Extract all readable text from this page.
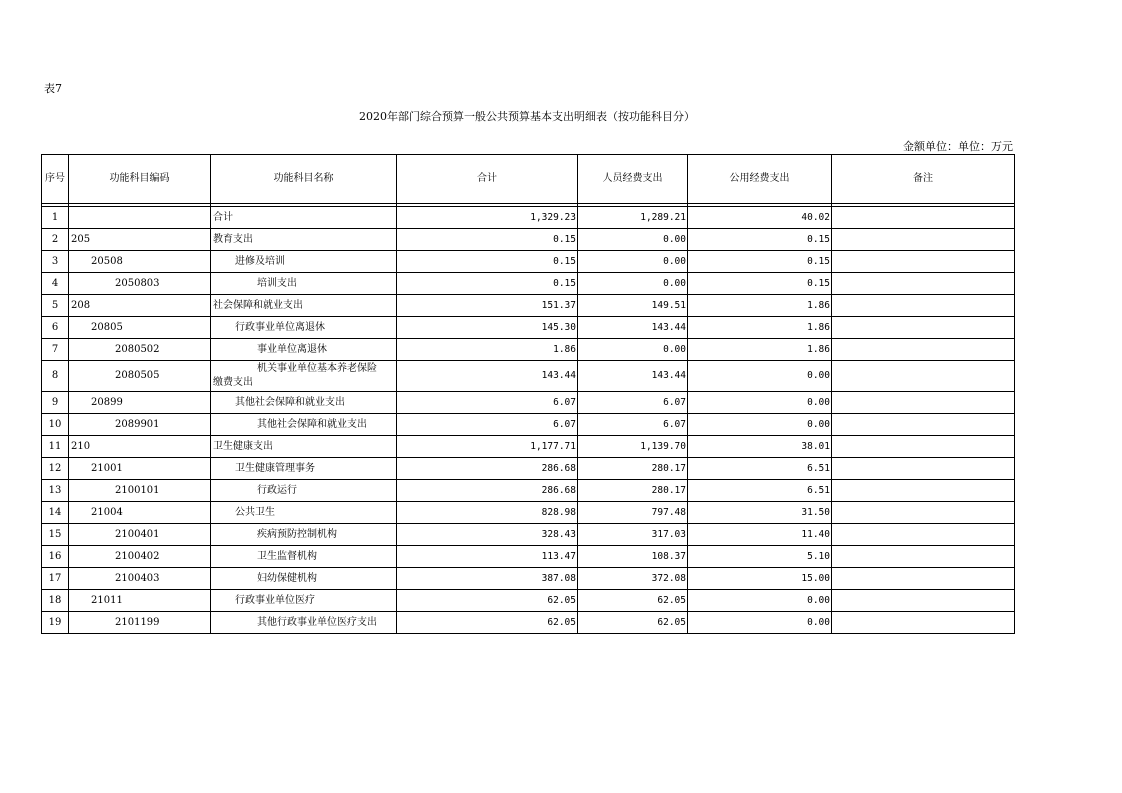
表7
2020年部门综合预算一般公共预算基本支出明细表（按功能科目分）
金额单位：单位：万元
序号	功能科目编码	功能科目名称	合计	人员经费支出	公用经费支出	备注

1		合计	1,329.23	1,289.21	40.02	
2	205	教育支出	0.15	0.00	0.15	
3	20508	进修及培训	0.15	0.00	0.15	
4	2050803	培训支出	0.15	0.00	0.15	
5	208	社会保障和就业支出	151.37	149.51	1.86	
6	20805	行政事业单位离退休	145.30	143.44	1.86	
7	2080502	事业单位离退休	1.86	0.00	1.86	
8	2080505	机关事业单位基本养老保险
缴费支出	143.44	143.44	0.00	
9	20899	其他社会保障和就业支出	6.07	6.07	0.00	
10	2089901	其他社会保障和就业支出	6.07	6.07	0.00	
11	210	卫生健康支出	1,177.71	1,139.70	38.01	
12	21001	卫生健康管理事务	286.68	280.17	6.51	
13	2100101	行政运行	286.68	280.17	6.51	
14	21004	公共卫生	828.98	797.48	31.50	
15	2100401	疾病预防控制机构	328.43	317.03	11.40	
16	2100402	卫生监督机构	113.47	108.37	5.10	
17	2100403	妇幼保健机构	387.08	372.08	15.00	
18	21011	行政事业单位医疗	62.05	62.05	0.00	
19	2101199	其他行政事业单位医疗支出	62.05	62.05	0.00	
